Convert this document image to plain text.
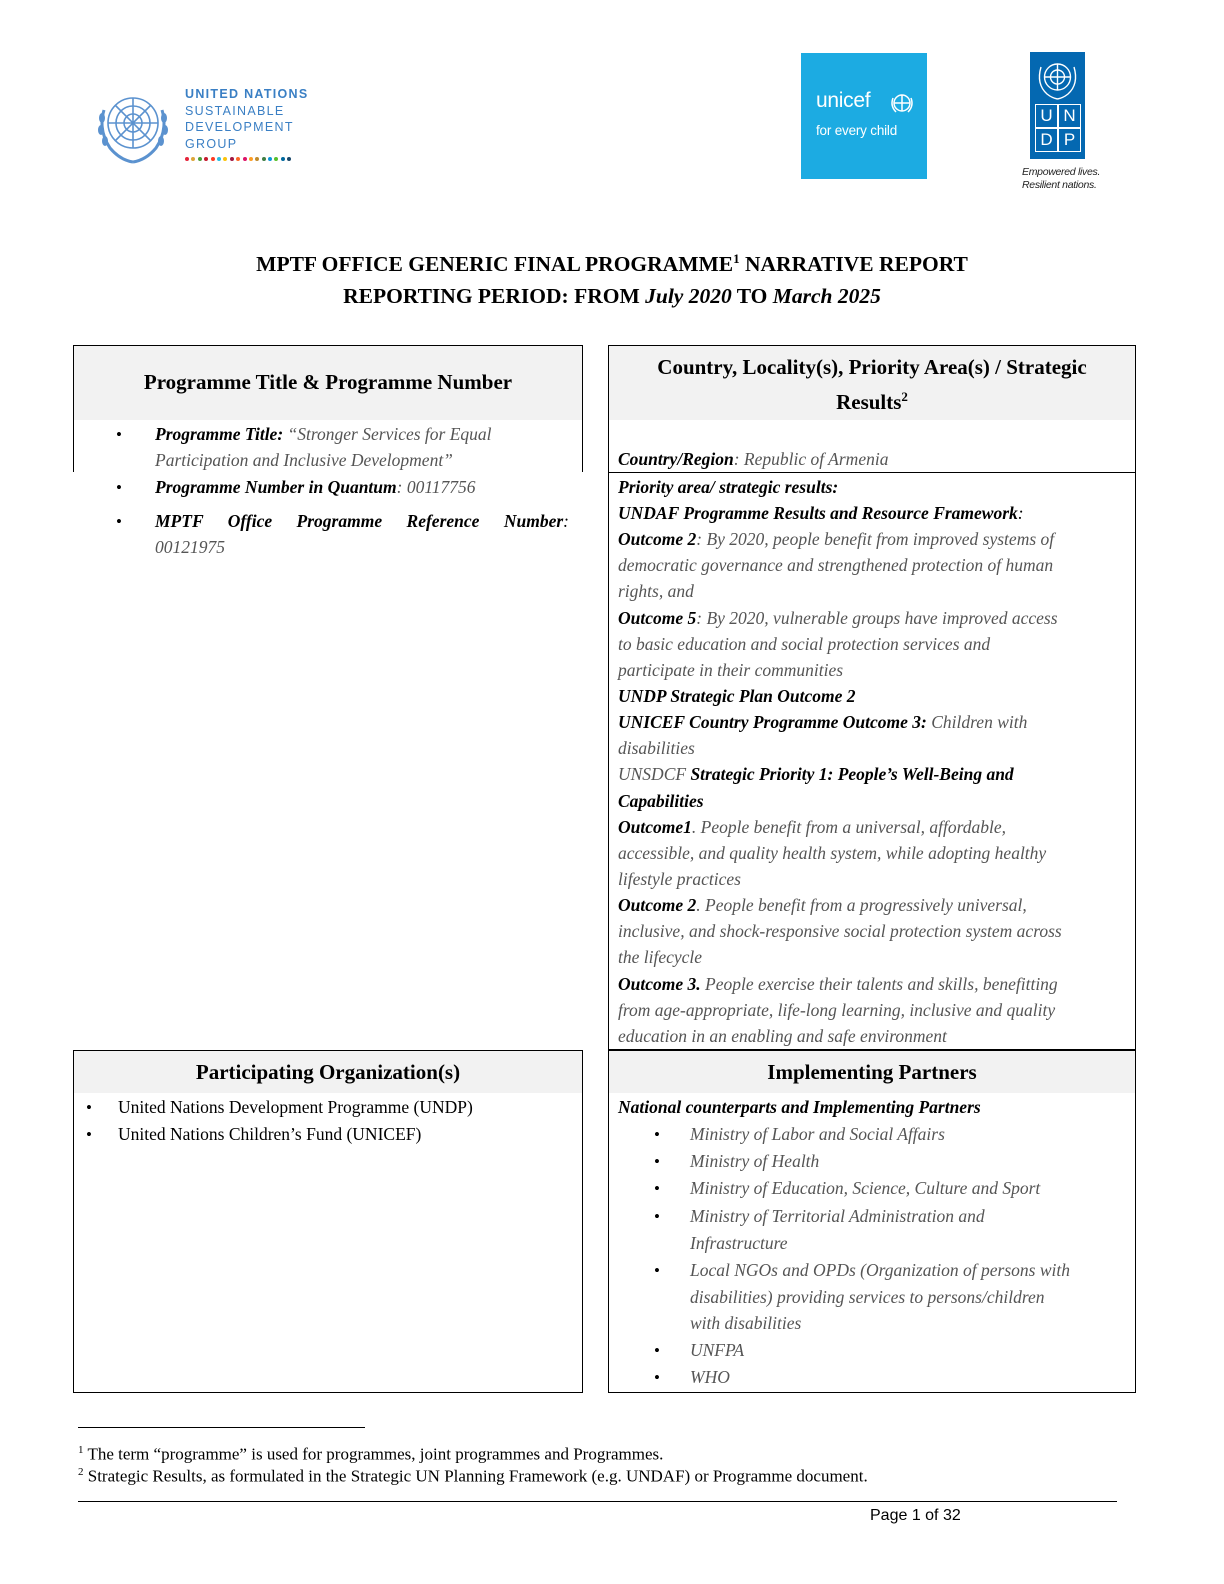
UNITED NATIONS
SUSTAINABLE
DEVELOPMENT
GROUP
unicef
for every child
U N
D P
Empowered lives.
Resilient nations.
MPTF OFFICE GENERIC FINAL PROGRAMME$^1$ NARRATIVE REPORT
REPORTING PERIOD: FROM July 2020 TO March 2025
Programme Title & Programme Number
• Programme Title: “Stronger Services for Equal
Participation and Inclusive Development”
• Programme Number in Quantum: 00117756
• MPTF Office Programme Reference Number:
00121975
Country, Locality(s), Priority Area(s) / Strategic
Results$^2$
Country/Region: Republic of Armenia
Priority area/ strategic results:
UNDAF Programme Results and Resource Framework:
Outcome 2: By 2020, people benefit from improved systems of
democratic governance and strengthened protection of human
rights, and
Outcome 5: By 2020, vulnerable groups have improved access
to basic education and social protection services and
participate in their communities
UNDP Strategic Plan Outcome 2
UNICEF Country Programme Outcome 3: Children with
disabilities
UNSDCF Strategic Priority 1: People’s Well-Being and
Capabilities
Outcome1. People benefit from a universal, affordable,
accessible, and quality health system, while adopting healthy
lifestyle practices
Outcome 2. People benefit from a progressively universal,
inclusive, and shock-responsive social protection system across
the lifecycle
Outcome 3. People exercise their talents and skills, benefitting
from age-appropriate, life-long learning, inclusive and quality
education in an enabling and safe environment
Participating Organization(s)
• United Nations Development Programme (UNDP)
• United Nations Children’s Fund (UNICEF)
Implementing Partners
National counterparts and Implementing Partners
• Ministry of Labor and Social Affairs
• Ministry of Health
• Ministry of Education, Science, Culture and Sport
• Ministry of Territorial Administration and
Infrastructure
• Local NGOs and OPDs (Organization of persons with
disabilities) providing services to persons/children
with disabilities
• UNFPA
• WHO
$^1$ The term “programme” is used for programmes, joint programmes and Programmes.
$^2$ Strategic Results, as formulated in the Strategic UN Planning Framework (e.g. UNDAF) or Programme document.
Page 1 of 32
